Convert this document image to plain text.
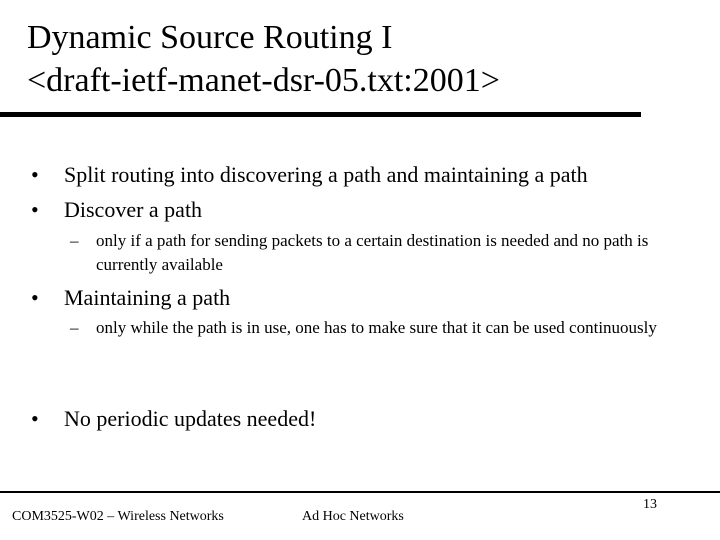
Dynamic Source Routing I
<draft-ietf-manet-dsr-05.txt:2001>
• Split routing into discovering a path and maintaining a path
• Discover a path
– only if a path for sending packets to a certain destination is needed and no path is currently available
• Maintaining a path
– only while the path is in use, one has to make sure that it can be used continuously
• No periodic updates needed!
COM3525-W02 – Wireless Networks	Ad Hoc Networks
13
